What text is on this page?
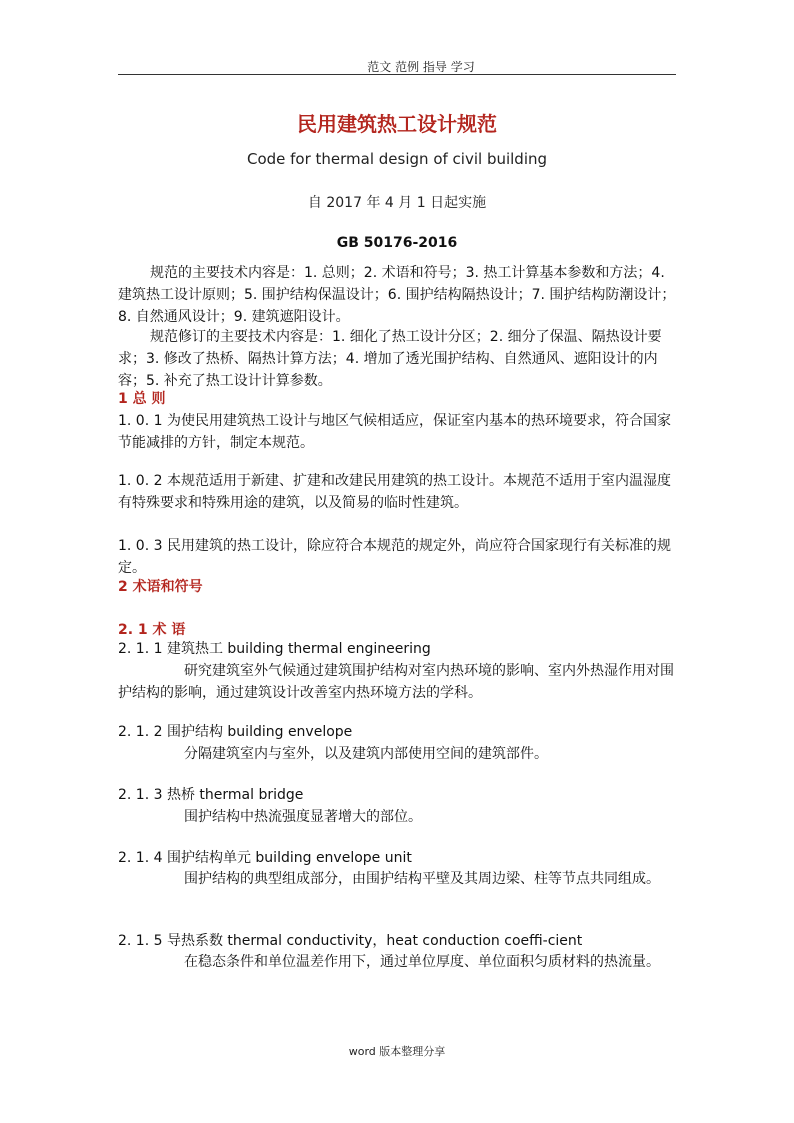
范文 范例 指导 学习
民用建筑热工设计规范
Code for thermal design of civil building
自 2017 年 4 月 1 日起实施
GB 50176-2016
规范的主要技术内容是：1. 总则；2. 术语和符号；3. 热工计算基本参数和方法；4. 建筑热工设计原则；5. 围护结构保温设计；6. 围护结构隔热设计；7. 围护结构防潮设计；8. 自然通风设计；9. 建筑遮阳设计。
规范修订的主要技术内容是：1. 细化了热工设计分区；2. 细分了保温、隔热设计要求；3. 修改了热桥、隔热计算方法；4. 增加了透光围护结构、自然通风、遮阳设计的内容；5. 补充了热工设计计算参数。
1 总 则
1. 0. 1 为使民用建筑热工设计与地区气候相适应，保证室内基本的热环境要求，符合国家节能减排的方针，制定本规范。
1. 0. 2 本规范适用于新建、扩建和改建民用建筑的热工设计。本规范不适用于室内温湿度有特殊要求和特殊用途的建筑，以及简易的临时性建筑。
1. 0. 3 民用建筑的热工设计，除应符合本规范的规定外，尚应符合国家现行有关标准的规定。
2 术语和符号
2. 1 术 语
2. 1. 1 建筑热工 building thermal engineering
研究建筑室外气候通过建筑围护结构对室内热环境的影响、室内外热湿作用对围护结构的影响，通过建筑设计改善室内热环境方法的学科。
2. 1. 2 围护结构 building envelope
分隔建筑室内与室外，以及建筑内部使用空间的建筑部件。
2. 1. 3 热桥 thermal bridge
围护结构中热流强度显著增大的部位。
2. 1. 4 围护结构单元 building envelope unit
围护结构的典型组成部分，由围护结构平壁及其周边梁、柱等节点共同组成。
2. 1. 5 导热系数 thermal conductivity，heat conduction coeffi-cient
在稳态条件和单位温差作用下，通过单位厚度、单位面积匀质材料的热流量。
word 版本整理分享
